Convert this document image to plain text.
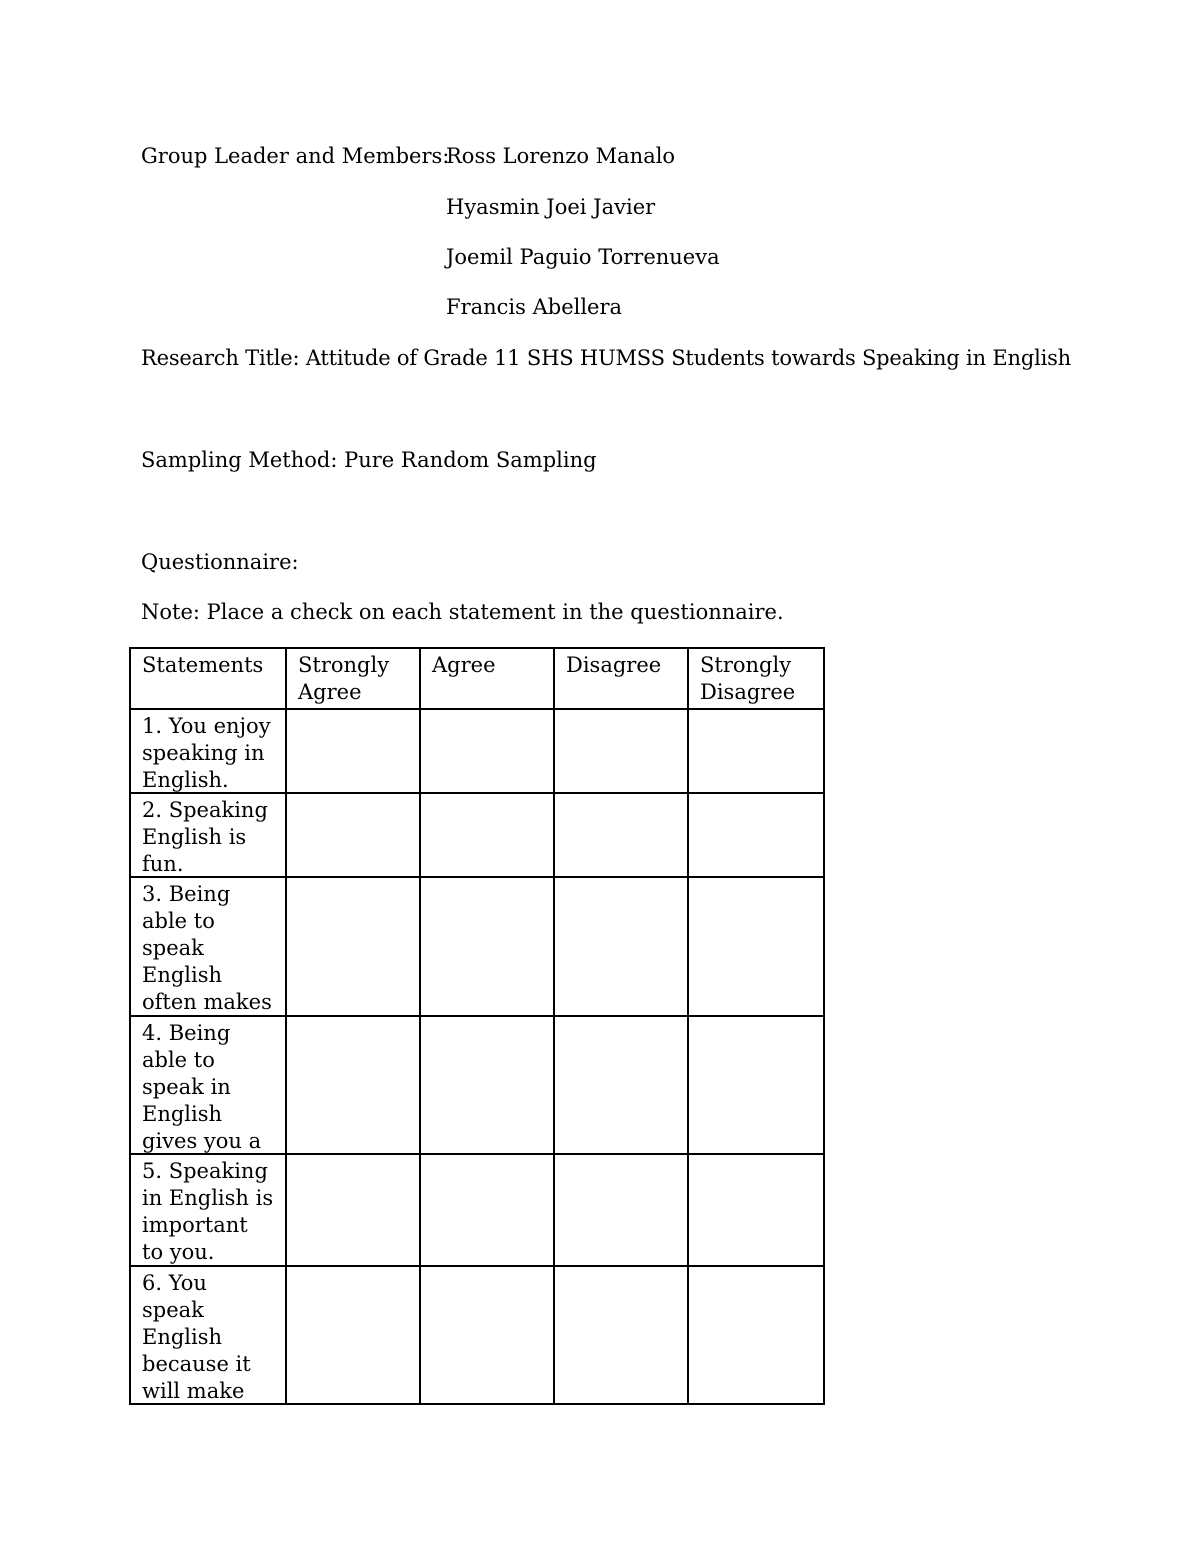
Group Leader and Members:
Ross Lorenzo Manalo
Hyasmin Joei Javier
Joemil Paguio Torrenueva
Francis Abellera
Research Title: Attitude of Grade 11 SHS HUMSS Students towards Speaking in English
Sampling Method: Pure Random Sampling
Questionnaire:
Note: Place a check on each statement in the questionnaire.
Statements	Strongly Agree	Agree	Disagree	Strongly Disagree

1. You enjoy speaking in English.				

2. Speaking English is fun.				

3. Being able to speak English often makes				

4. Being able to speak in English gives you a				

5. Speaking in English is important to you.				

6. You speak English because it will make				
